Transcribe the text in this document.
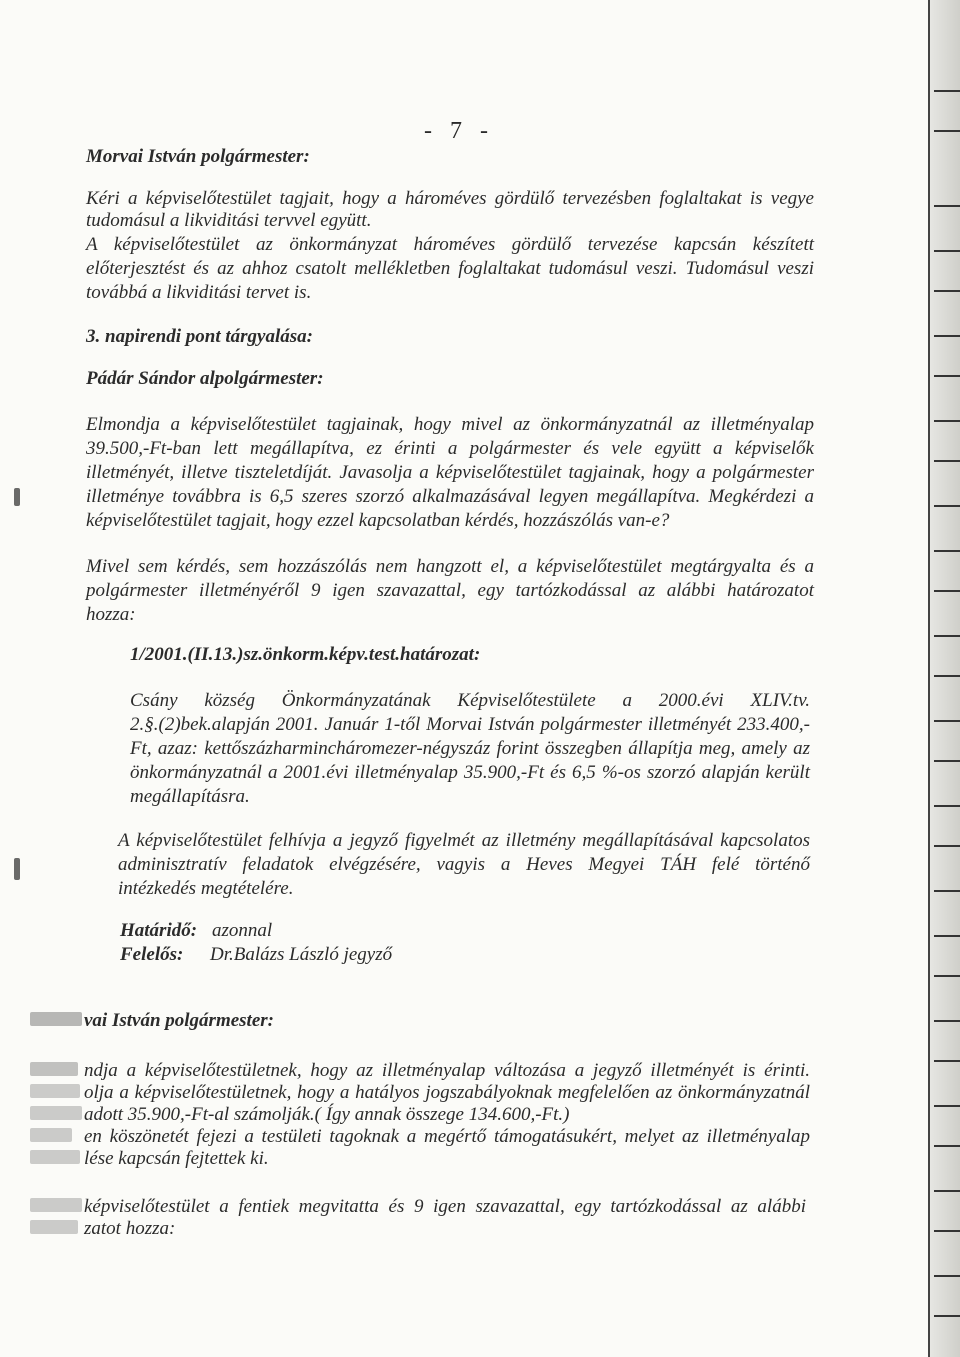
- 7 -
Morvai István polgármester:
Kéri a képviselőtestület tagjait, hogy a hároméves gördülő tervezésben foglaltakat is vegye
tudomásul a likviditási tervvel együtt.
A képviselőtestület az önkormányzat hároméves gördülő tervezése kapcsán készített
előterjesztést és az ahhoz csatolt mellékletben foglaltakat tudomásul veszi. Tudomásul veszi
továbbá a likviditási tervet is.
3. napirendi pont tárgyalása:
Pádár Sándor alpolgármester:
Elmondja a képviselőtestület tagjainak, hogy mivel az önkormányzatnál az illetményalap
39.500,-Ft-ban lett megállapítva, ez érinti a polgármester és vele együtt a képviselők
illetményét, illetve tiszteletdíját. Javasolja a képviselőtestület tagjainak, hogy a polgármester
illetménye továbbra is 6,5 szeres szorzó alkalmazásával legyen megállapítva. Megkérdezi a
képviselőtestület tagjait, hogy ezzel kapcsolatban kérdés, hozzászólás van-e?
Mivel sem kérdés, sem hozzászólás nem hangzott el, a képviselőtestület megtárgyalta és a
polgármester illetményéről 9 igen szavazattal, egy tartózkodással az alábbi határozatot
hozza:
1/2001.(II.13.)sz.önkorm.képv.test.határozat:
Csány község Önkormányzatának Képviselőtestülete a 2000.évi XLIV.tv.
2.§.(2)bek.alapján 2001. Január 1-től Morvai István polgármester illetményét 233.400,-
Ft, azaz: kettőszázharmincháromezer-négyszáz forint összegben állapítja meg, amely az
önkormányzatnál a 2001.évi illetményalap 35.900,-Ft és 6,5 %-os szorzó alapján került
megállapításra.
A képviselőtestület felhívja a jegyző figyelmét az illetmény megállapításával kapcsolatos
adminisztratív feladatok elvégzésére, vagyis a Heves Megyei TÁH felé történő
intézkedés megtételére.
Határidő: azonnal
Felelős: Dr.Balázs László jegyző
vai István polgármester:
ndja a képviselőtestületnek, hogy az illetményalap változása a jegyző illetményét is érinti.
olja a képviselőtestületnek, hogy a hatályos jogszabályoknak megfelelően az önkormányzatnál
adott 35.900,-Ft-al számolják.( Így annak összege 134.600,-Ft.)
en köszönetét fejezi a testületi tagoknak a megértő támogatásukért, melyet az illetményalap
lése kapcsán fejtettek ki.
képviselőtestület a fentiek megvitatta és 9 igen szavazattal, egy tartózkodással az alábbi
zatot hozza:
